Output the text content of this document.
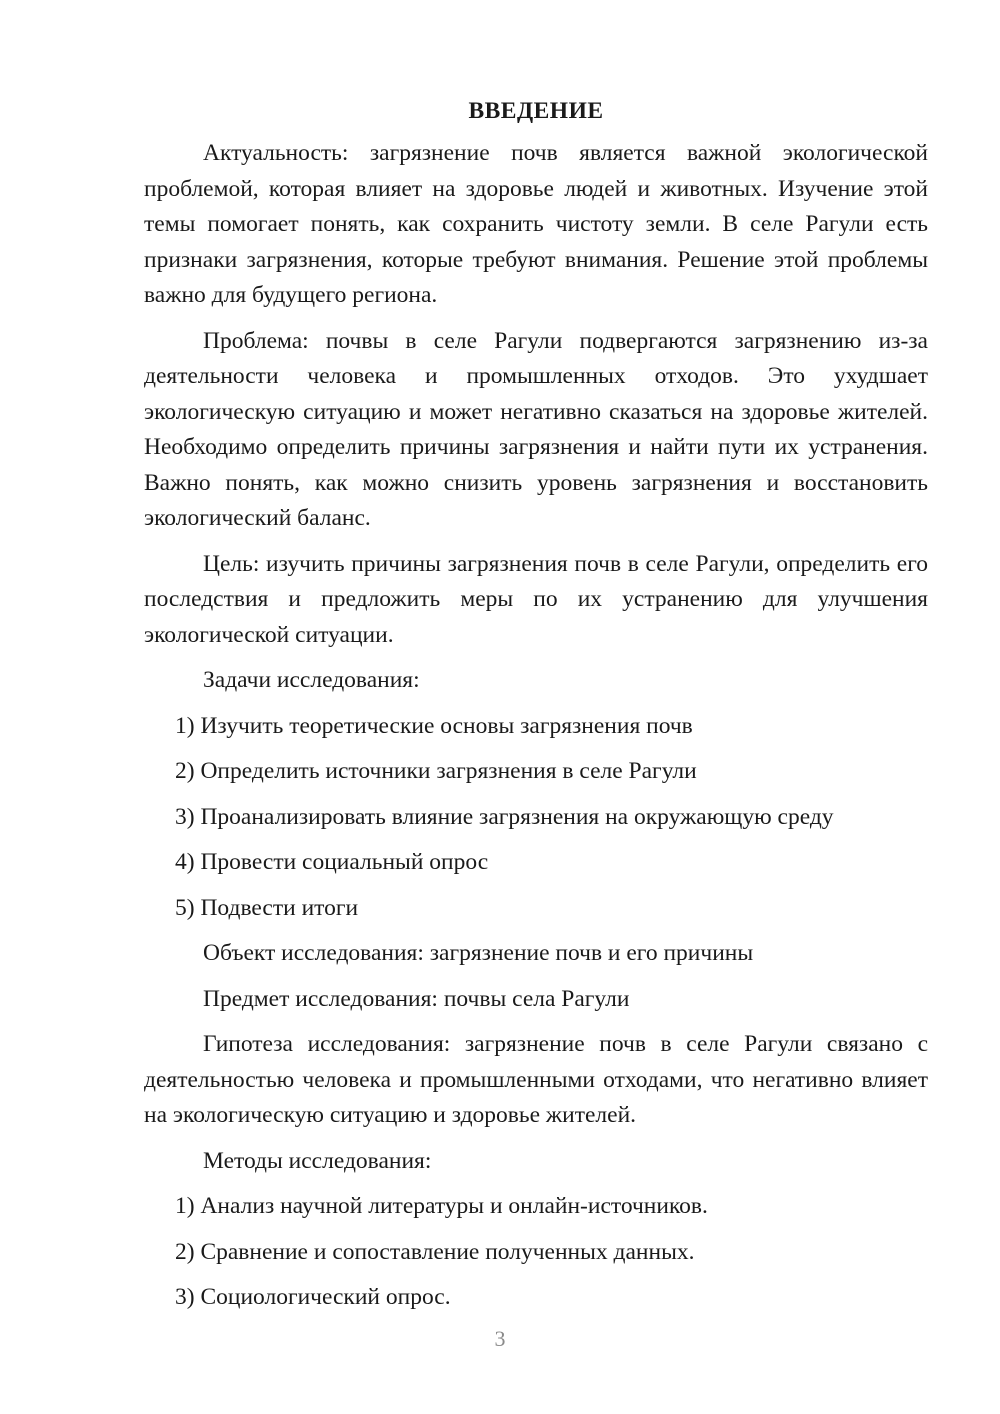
ВВЕДЕНИЕ

Актуальность: загрязнение почв является важной экологической проблемой, которая влияет на здоровье людей и животных. Изучение этой темы помогает понять, как сохранить чистоту земли. В селе Рагули есть признаки загрязнения, которые требуют внимания. Решение этой проблемы важно для будущего региона.

Проблема: почвы в селе Рагули подвергаются загрязнению из-за деятельности человека и промышленных отходов. Это ухудшает экологическую ситуацию и может негативно сказаться на здоровье жителей. Необходимо определить причины загрязнения и найти пути их устранения. Важно понять, как можно снизить уровень загрязнения и восстановить экологический баланс.

Цель: изучить причины загрязнения почв в селе Рагули, определить его последствия и предложить меры по их устранению для улучшения экологической ситуации.

Задачи исследования:

1) Изучить теоретические основы загрязнения почв

2) Определить источники загрязнения в селе Рагули

3) Проанализировать влияние загрязнения на окружающую среду

4) Провести социальный опрос

5) Подвести итоги

Объект исследования: загрязнение почв и его причины

Предмет исследования: почвы села Рагули

Гипотеза исследования: загрязнение почв в селе Рагули связано с деятельностью человека и промышленными отходами, что негативно влияет на экологическую ситуацию и здоровье жителей.

Методы исследования:

1) Анализ научной литературы и онлайн-источников.

2) Сравнение и сопоставление полученных данных.

3) Социологический опрос.

3
